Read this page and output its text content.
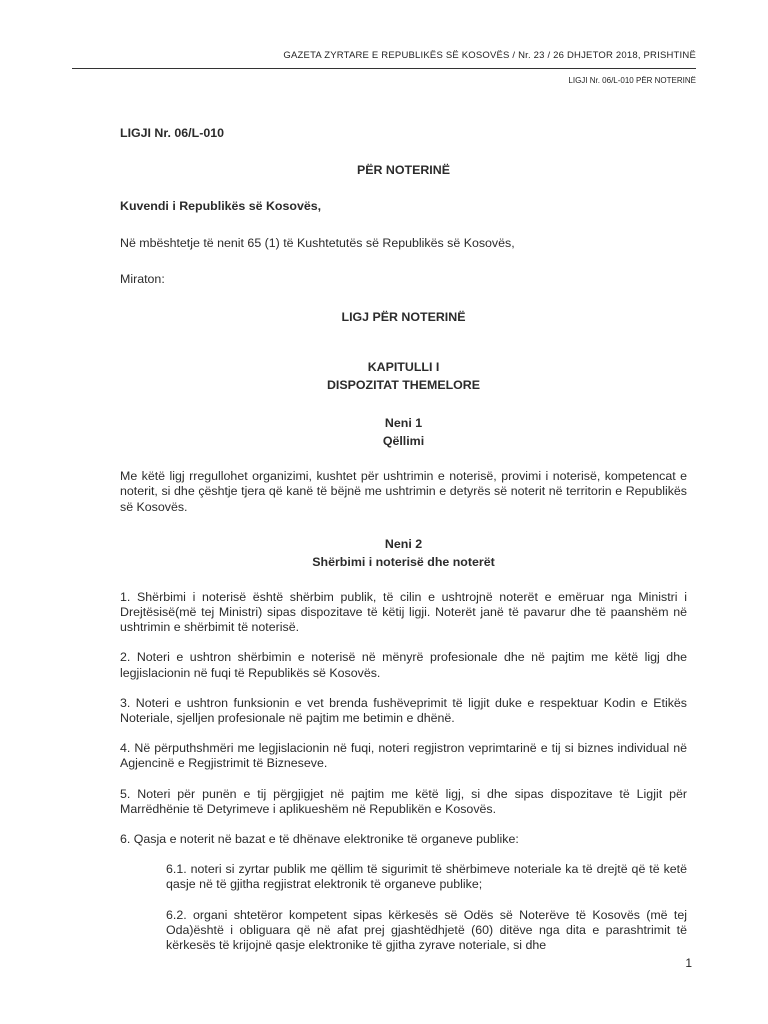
GAZETA ZYRTARE E REPUBLIKËS SË KOSOVËS / Nr. 23 / 26 DHJETOR 2018, PRISHTINË
LIGJI Nr. 06/L-010 PËR NOTERINË

LIGJI Nr. 06/L-010

PËR NOTERINË

Kuvendi i Republikës së Kosovës,

Në mbështetje të nenit 65 (1) të Kushtetutës së Republikës së Kosovës,

Miraton:

LIGJ PËR NOTERINË

KAPITULLI I
DISPOZITAT THEMELORE
Neni 1
Qëllimi

Me këtë ligj rregullohet organizimi, kushtet për ushtrimin e noterisë, provimi i noterisë, kompetencat e noterit, si dhe çështje tjera që kanë të bëjnë me ushtrimin e detyrës së noterit në territorin e Republikës së Kosovës.

Neni 2
Shërbimi i noterisë dhe noterët

1. Shërbimi i noterisë është shërbim publik, të cilin e ushtrojnë noterët e emëruar nga Ministri i Drejtësisë(më tej Ministri) sipas dispozitave të këtij ligji. Noterët janë të pavarur dhe të paanshëm në ushtrimin e shërbimit të noterisë.

2. Noteri e ushtron shërbimin e noterisë në mënyrë profesionale dhe në pajtim me këtë ligj dhe legjislacionin në fuqi të Republikës së Kosovës.

3. Noteri e ushtron funksionin e vet brenda fushëveprimit të ligjit duke e respektuar Kodin e Etikës Noteriale, sjelljen profesionale në pajtim me betimin e dhënë.

4. Në përputhshmëri me legjislacionin në fuqi, noteri regjistron veprimtarinë e tij si biznes individual në Agjencinë e Regjistrimit të Bizneseve.

5. Noteri për punën e tij përgjigjet në pajtim me këtë ligj, si dhe sipas dispozitave të Ligjit për Marrëdhënie të Detyrimeve i aplikueshëm në Republikën e Kosovës.

6. Qasja e noterit në bazat e të dhënave elektronike të organeve publike:

6.1. noteri si zyrtar publik me qëllim të sigurimit të shërbimeve noteriale ka të drejtë që të ketë qasje në të gjitha regjistrat elektronik të organeve publike;

6.2. organi shtetëror kompetent sipas kërkesës së Odës së Noterëve të Kosovës (më tej Oda)është i obliguara që në afat prej gjashtëdhjetë (60) ditëve nga dita e parashtrimit të kërkesës të krijojnë qasje elektronike të gjitha zyrave noteriale, si dhe

1
